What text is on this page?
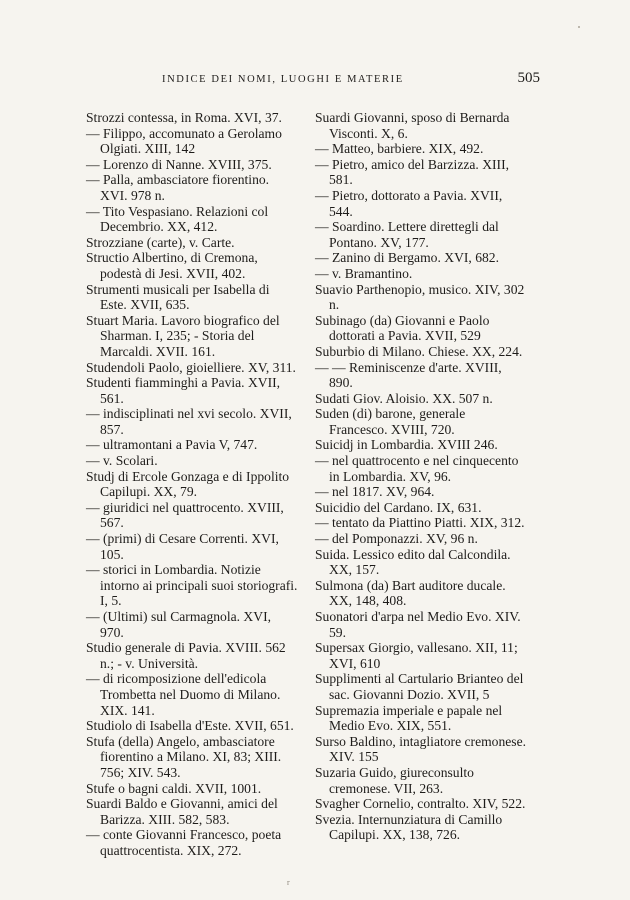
INDICE DEI NOMI, LUOGHI E MATERIE	505

Strozzi contessa, in Roma. XVI, 37.

— Filippo, accomunato a Gerolamo Olgiati. XIII, 142

— Lorenzo di Nanne. XVIII, 375.

— Palla, ambasciatore fiorentino. XVI. 978 n.

— Tito Vespasiano. Relazioni col Decembrio. XX, 412.

Strozziane (carte), v. Carte.

Structio Albertino, di Cremona, podestà di Jesi. XVII, 402.

Strumenti musicali per Isabella di Este. XVII, 635.

Stuart Maria. Lavoro biografico del Sharman. I, 235; - Storia del Marcaldi. XVII. 161.

Studendoli Paolo, gioielliere. XV, 311.

Studenti fiamminghi a Pavia. XVII, 561.

— indisciplinati nel xvi secolo. XVII, 857.

— ultramontani a Pavia V, 747.

— v. Scolari.

Studj di Ercole Gonzaga e di Ippolito Capilupi. XX, 79.

— giuridici nel quattrocento. XVIII, 567.

— (primi) di Cesare Correnti. XVI, 105.

— storici in Lombardia. Notizie intorno ai principali suoi storiografi. I, 5.

— (Ultimi) sul Carmagnola. XVI, 970.

Studio generale di Pavia. XVIII. 562 n.; - v. Università.

— di ricomposizione dell'edicola Trombetta nel Duomo di Milano. XIX. 141.

Studiolo di Isabella d'Este. XVII, 651.

Stufa (della) Angelo, ambasciatore fiorentino a Milano. XI, 83; XIII. 756; XIV. 543.

Stufe o bagni caldi. XVII, 1001.

Suardi Baldo e Giovanni, amici del Barizza. XIII. 582, 583.

— conte Giovanni Francesco, poeta quattrocentista. XIX, 272.

Suardi Giovanni, sposo di Bernarda Visconti. X, 6.

— Matteo, barbiere. XIX, 492.

— Pietro, amico del Barzizza. XIII, 581.

— Pietro, dottorato a Pavia. XVII, 544.

— Soardino. Lettere direttegli dal Pontano. XV, 177.

— Zanino di Bergamo. XVI, 682.

— v. Bramantino.

Suavio Parthenopio, musico. XIV, 302 n.

Subinago (da) Giovanni e Paolo dottorati a Pavia. XVII, 529

Suburbio di Milano. Chiese. XX, 224.

— — Reminiscenze d'arte. XVIII, 890.

Sudati Giov. Aloisio. XX. 507 n.

Suden (di) barone, generale Francesco. XVIII, 720.

Suicidj in Lombardia. XVIII 246.

— nel quattrocento e nel cinquecento in Lombardia. XV, 96.

— nel 1817. XV, 964.

Suicidio del Cardano. IX, 631.

— tentato da Piattino Piatti. XIX, 312.

— del Pomponazzi. XV, 96 n.

Suida. Lessico edito dal Calcondila. XX, 157.

Sulmona (da) Bart auditore ducale. XX, 148, 408.

Suonatori d'arpa nel Medio Evo. XIV. 59.

Supersax Giorgio, vallesano. XII, 11; XVI, 610

Supplimenti al Cartulario Brianteo del sac. Giovanni Dozio. XVII, 5

Supremazia imperiale e papale nel Medio Evo. XIX, 551.

Surso Baldino, intagliatore cremonese. XIV. 155

Suzaria Guido, giureconsulto cremonese. VII, 263.

Svagher Cornelio, contralto. XIV, 522.

Svezia. Internunziatura di Camillo Capilupi. XX, 138, 726.

r
